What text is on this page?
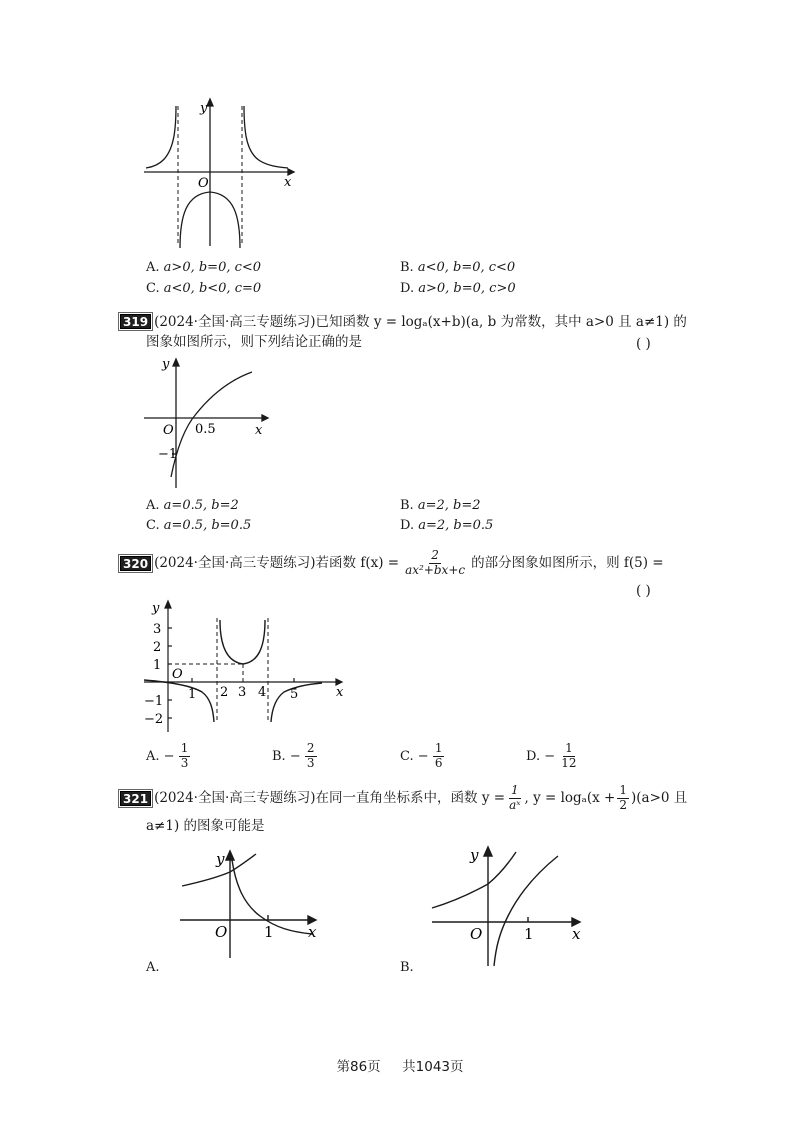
y
x
O
A. a>0, b=0, c<0	B. a<0, b=0, c<0
C. a<0, b<0, c=0	D. a>0, b=0, c>0
319 (2024·全国·高三专题练习)已知函数 y = logₐ(x+b)(a, b 为常数，其中 a>0 且 a≠1) 的
图象如图所示，则下列结论正确的是	( )
y
x
O 0.5
−1
A. a=0.5, b=2	B. a=2, b=2
C. a=0.5, b=0.5	D. a=2, b=0.5
320 (2024·全国·高三专题练习)若函数 $f(x) = \frac{2}{\text{ax²+bx+c}}$ 的部分图象如图所示，则 f(5) =
( )
y
x
O
3
2
1
−1
−2
1 2 3 4 5
A.
−
$\frac{1}{3}$	B.
−
$\frac{2}{3}$	C.
−
$\frac{1}{6}$	D.
−
$\frac{1}{12}$
321 (2024·全国·高三专题练习)在同一直角坐标系中，函数 $y = \frac{1}{\text{aˣ}}$ , $y = \log_a(x + \frac{1}{2} )(a>0$ 且
a≠1) 的图象可能是
y
x
O 1
A.
y
x
O	1
B.
第86页 共1043页
